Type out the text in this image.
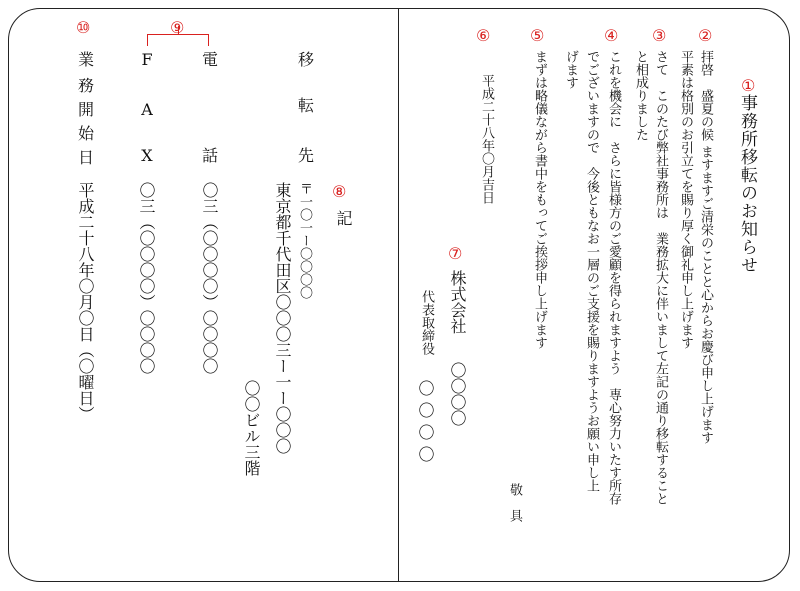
①
事務所移転のお知らせ
②
拝啓　盛夏の候 ますますご清栄のことと心からお慶び申し上げます
平素は格別のお引立てを賜り厚く御礼申し上げます
③
さて　このたび弊社事務所は　業務拡大に伴いまして左記の通り移転すること
と相成りました
④
これを機会に　さらに皆様方のご愛顧を得られますよう　専心努力いたす所存
でございますので　今後ともなお一層のご支援を賜りますようお願い申し上
げます
⑤
まずは略儀ながら書中をもってご挨拶申し上げます
敬　具
⑥
平成二十八年〇月吉日
⑦
株式会社
〇〇〇〇
代表取締役
〇〇〇〇
⑧
記
移
転
先
〒一〇一ー〇〇〇〇
東京都千代田区〇〇〇三ー一ー〇〇〇
〇〇ビル三階
電
話
〇三（〇〇〇〇）〇〇〇〇
⑨
F
A
X
〇三（〇〇〇〇）〇〇〇〇
⑩
業
務
開
始
日
平成二十八年〇月〇日（〇曜日）
